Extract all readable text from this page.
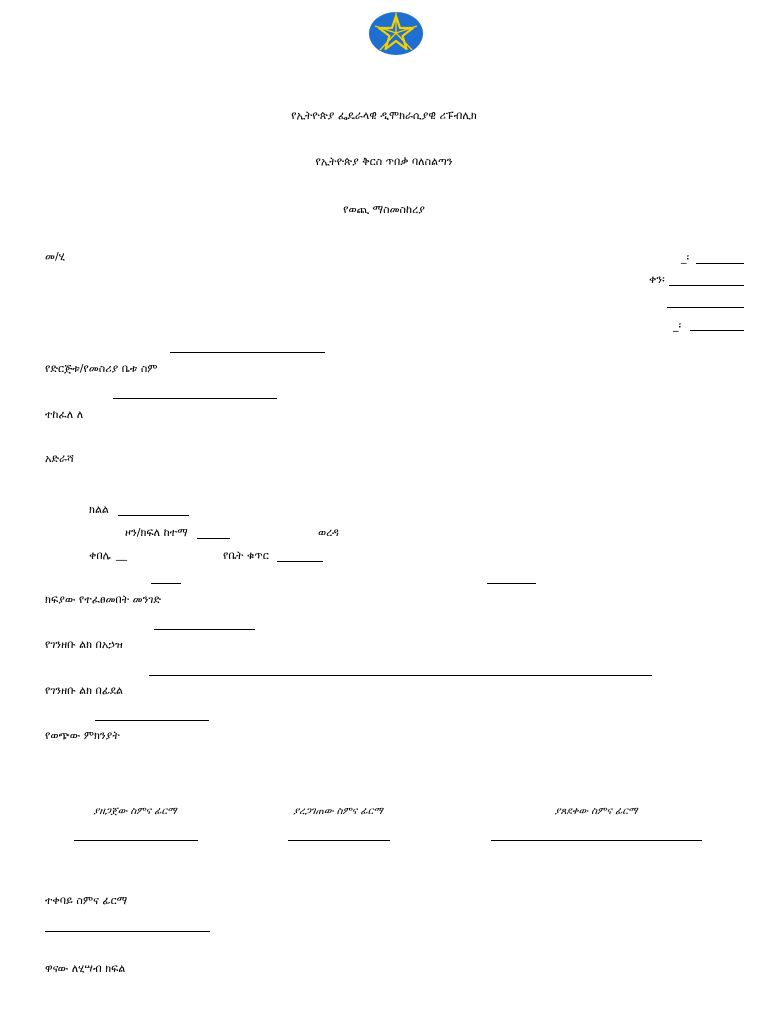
የኢትዮጵያ ፌዴራላዊ ዲሞክራሲያዊ ሪፑብሊክ
የኢትዮጵያ ቅርስ ጥበቃ ባለስልጣን
የወጪ ማስመስከረያ
መ/ሂ	_፡
ቀን፡
_፡
የድርጅቱ/የመስሪያ ቤቱ ስም
ተከፈለ ለ
አድራሻ
ክልል
ዞን/ክፍለ ከተማ	ወረዳ
ቀበሌ __	የቤት ቁጥር
ክፍያው የተፈፀመበት መንገድ
የገንዘቡ ልክ በአኃዝ
የገንዘቡ ልክ በፊደል
የወጭው ምክንያት
ያዘጋጀው ስምና ፊርማ	ያረጋገጠው ስምና ፊርማ	ያጸደቀው ስምና ፊርማ
ተቀባይ ስምና ፊርማ
ዋናው ለሂሣብ ክፍል
